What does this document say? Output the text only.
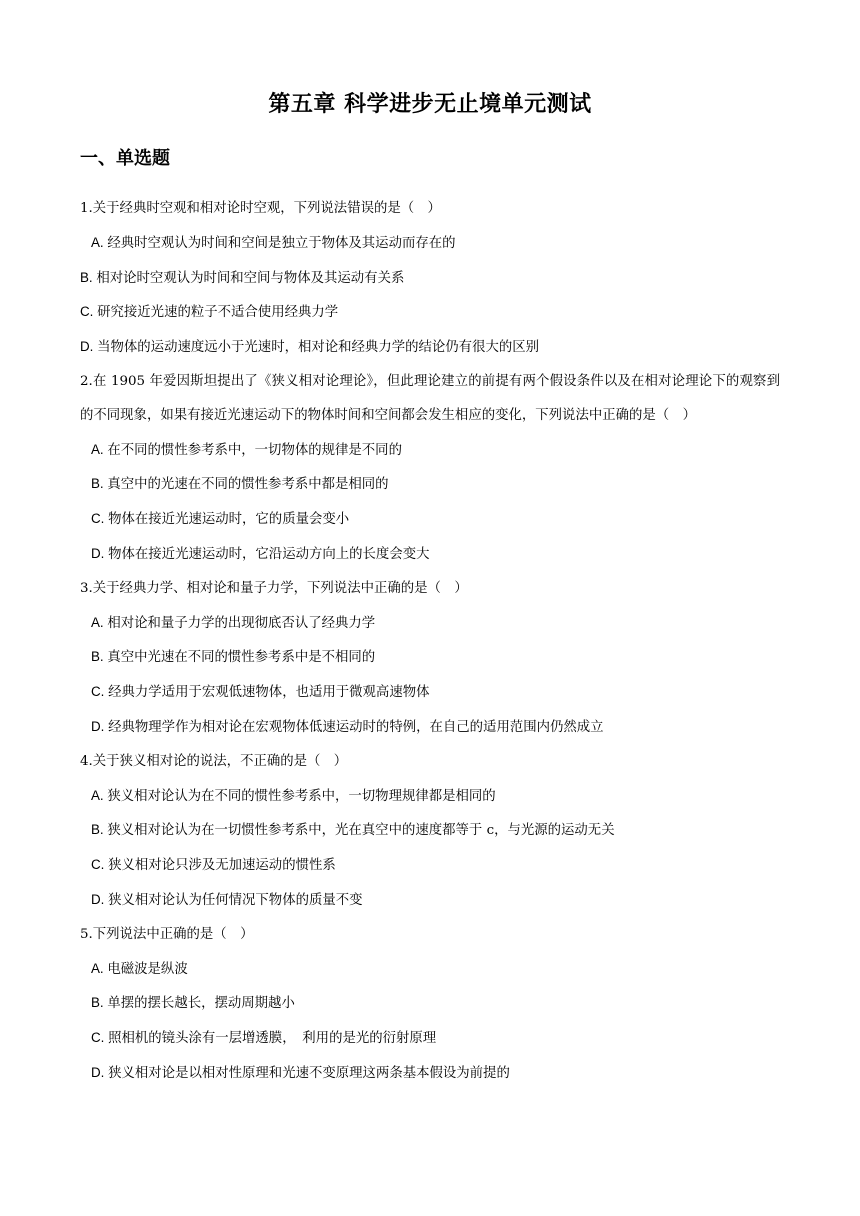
第五章 科学进步无止境单元测试
一、单选题

1.关于经典时空观和相对论时空观，下列说法错误的是（　）

A. 经典时空观认为时间和空间是独立于物体及其运动而存在的

B. 相对论时空观认为时间和空间与物体及其运动有关系

C. 研究接近光速的粒子不适合使用经典力学

D. 当物体的运动速度远小于光速时，相对论和经典力学的结论仍有很大的区别

2.在 1905 年爱因斯坦提出了《狭义相对论理论》，但此理论建立的前提有两个假设条件以及在相对论理论下的观察到的不同现象，如果有接近光速运动下的物体时间和空间都会发生相应的变化，下列说法中正确的是（　）

A. 在不同的惯性参考系中，一切物体的规律是不同的

B. 真空中的光速在不同的惯性参考系中都是相同的

C. 物体在接近光速运动时，它的质量会变小

D. 物体在接近光速运动时，它沿运动方向上的长度会变大

3.关于经典力学、相对论和量子力学，下列说法中正确的是（　）

A. 相对论和量子力学的出现彻底否认了经典力学

B. 真空中光速在不同的惯性参考系中是不相同的

C. 经典力学适用于宏观低速物体，也适用于微观高速物体

D. 经典物理学作为相对论在宏观物体低速运动时的特例，在自己的适用范围内仍然成立

4.关于狭义相对论的说法，不正确的是（　）

A. 狭义相对论认为在不同的惯性参考系中，一切物理规律都是相同的

B. 狭义相对论认为在一切惯性参考系中，光在真空中的速度都等于 c，与光源的运动无关

C. 狭义相对论只涉及无加速运动的惯性系

D. 狭义相对论认为任何情况下物体的质量不变

5.下列说法中正确的是（　）

A. 电磁波是纵波

B. 单摆的摆长越长，摆动周期越小

C. 照相机的镜头涂有一层增透膜，　利用的是光的衍射原理

D. 狭义相对论是以相对性原理和光速不变原理这两条基本假设为前提的
